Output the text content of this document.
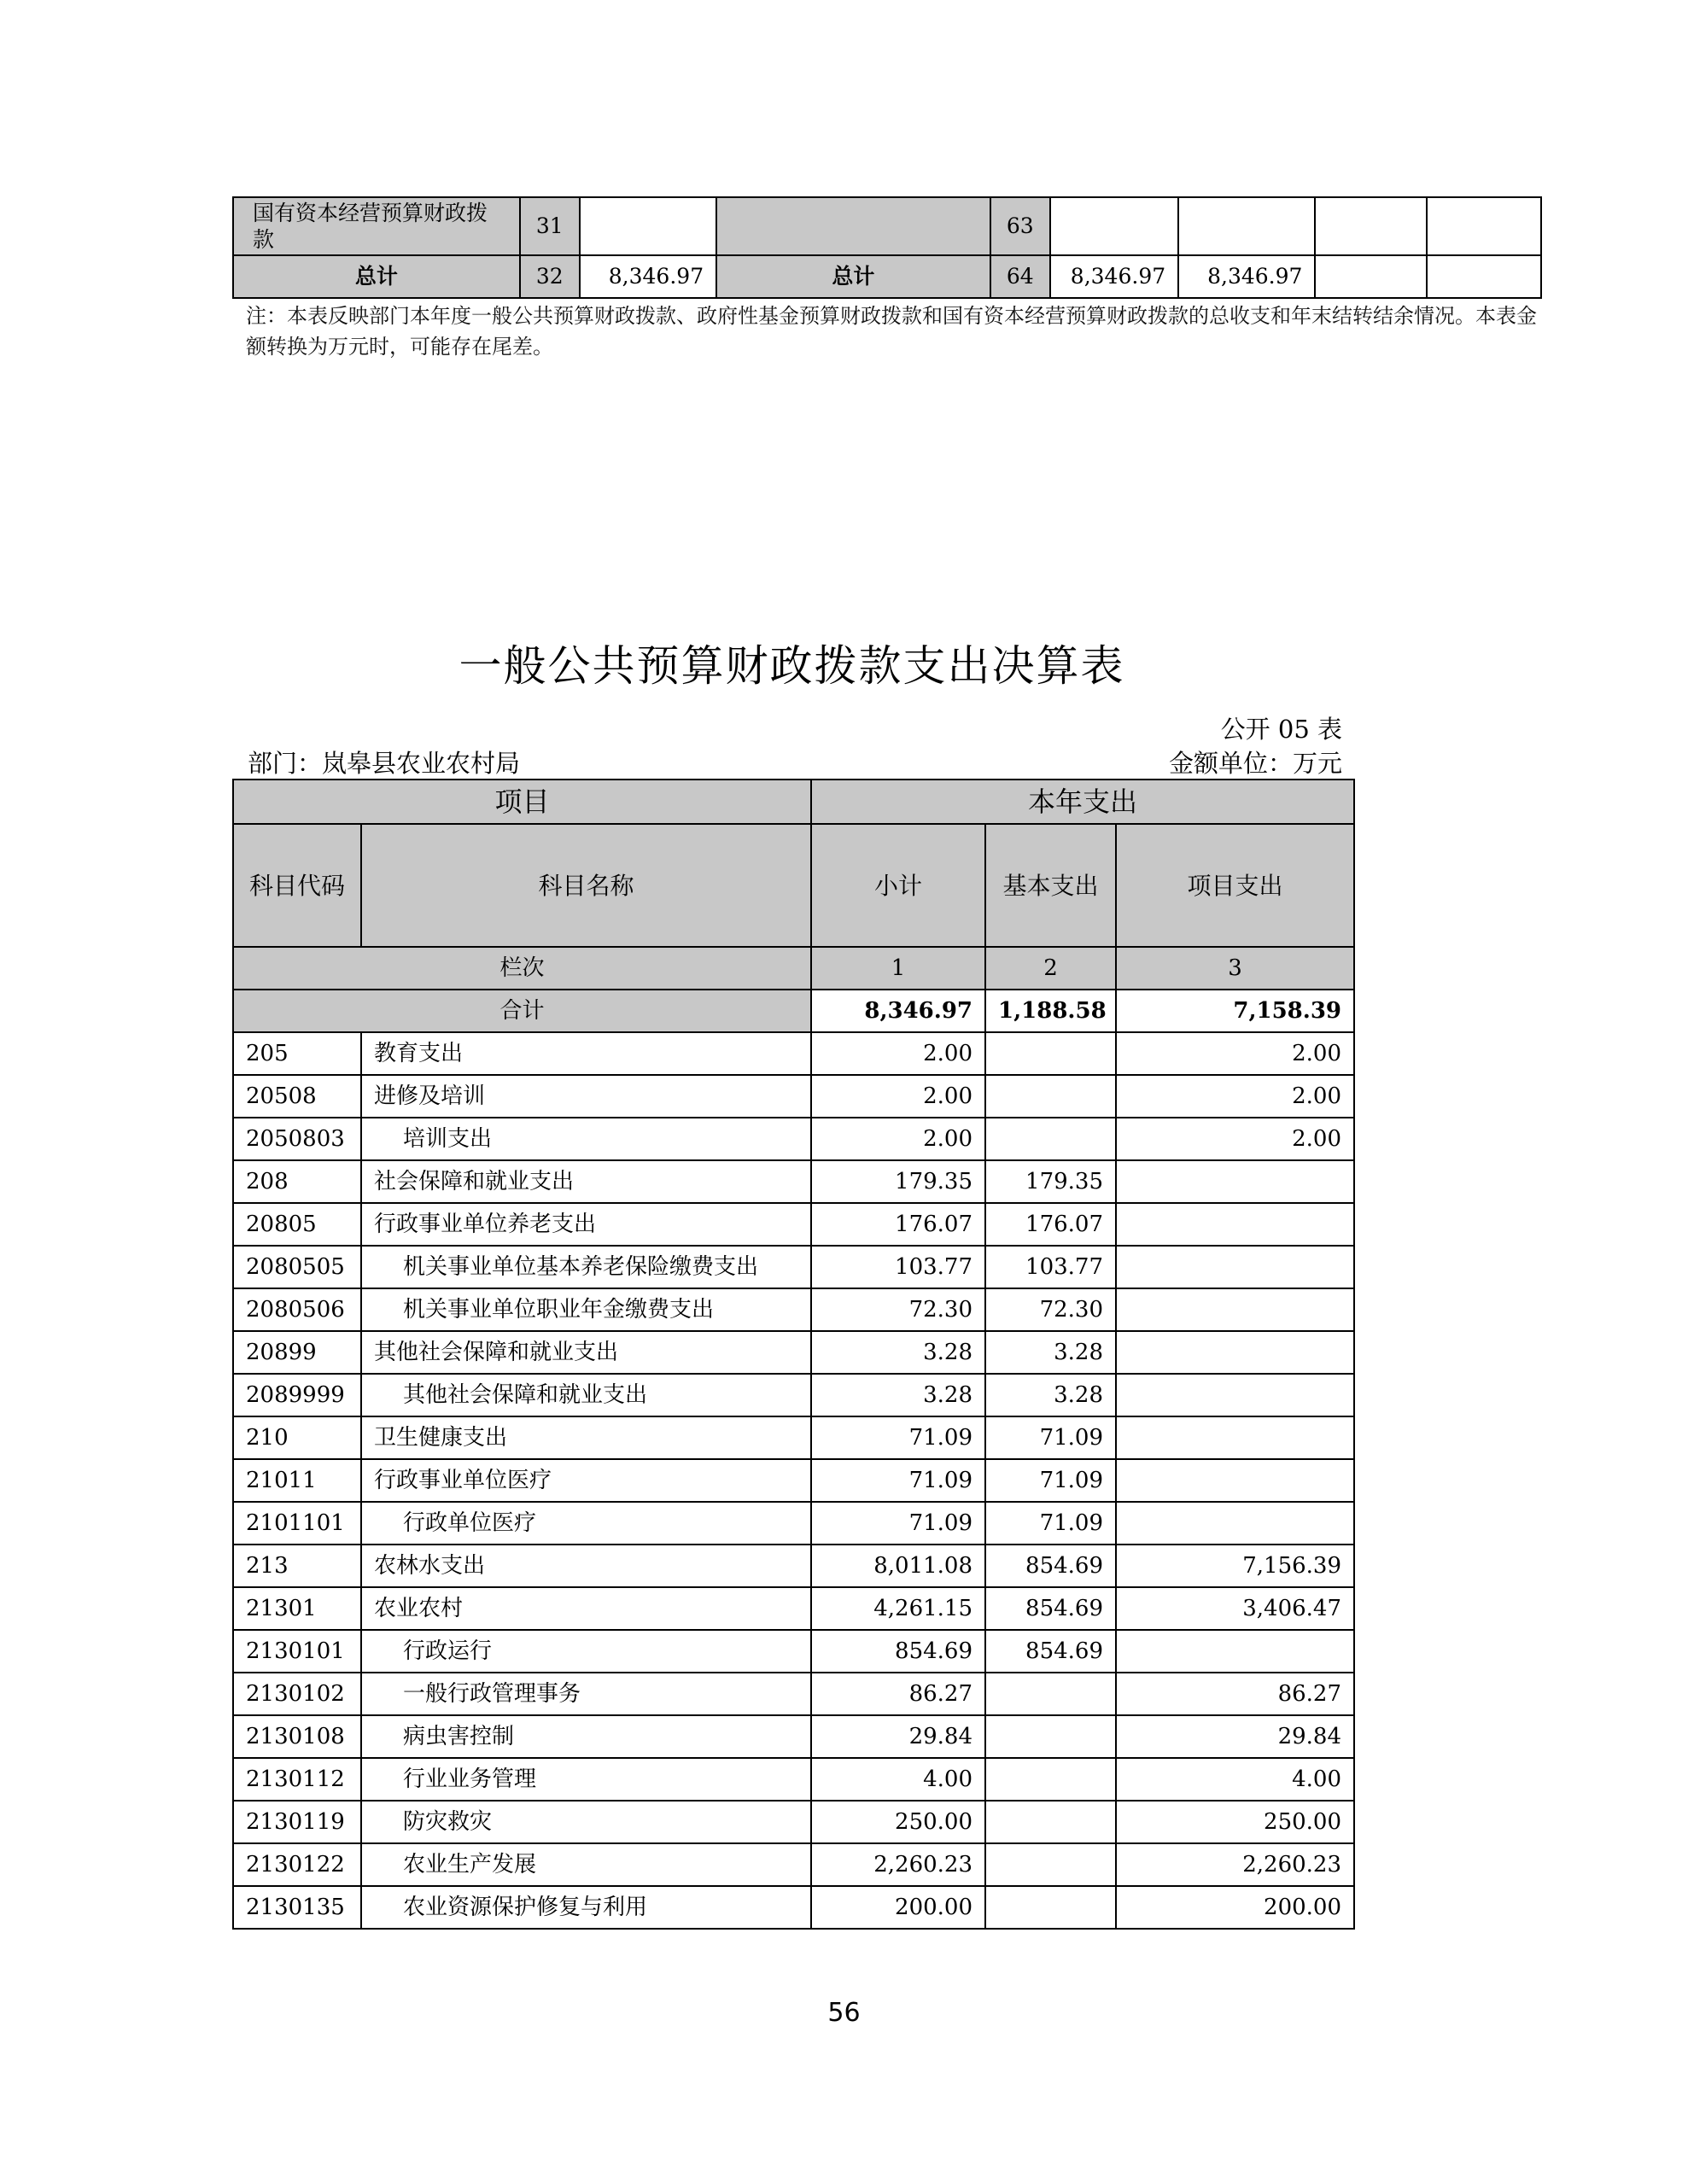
国有资本经营预算财政拨款	31			63				
总计	32	8,346.97	总计	64	8,346.97	8,346.97		
注：本表反映部门本年度一般公共预算财政拨款、政府性基金预算财政拨款和国有资本经营预算财政拨款的总收支和年末结转结余情况。本表金额转换为万元时，可能存在尾差。
一般公共预算财政拨款支出决算表
公开 05 表
部门：岚皋县农业农村局	金额单位：万元
项目		本年支出		
科目代码	科目名称	小计	基本支出	项目支出
栏次		1	2	3
合计		8,346.97	1,188.58	7,158.39
205	教育支出	2.00		2.00
20508	进修及培训	2.00		2.00
2050803	培训支出	2.00		2.00
208	社会保障和就业支出	179.35	179.35	
20805	行政事业单位养老支出	176.07	176.07	
2080505	机关事业单位基本养老保险缴费支出	103.77	103.77	
2080506	机关事业单位职业年金缴费支出	72.30	72.30	
20899	其他社会保障和就业支出	3.28	3.28	
2089999	其他社会保障和就业支出	3.28	3.28	
210	卫生健康支出	71.09	71.09	
21011	行政事业单位医疗	71.09	71.09	
2101101	行政单位医疗	71.09	71.09	
213	农林水支出	8,011.08	854.69	7,156.39
21301	农业农村	4,261.15	854.69	3,406.47
2130101	行政运行	854.69	854.69	
2130102	一般行政管理事务	86.27		86.27
2130108	病虫害控制	29.84		29.84
2130112	行业业务管理	4.00		4.00
2130119	防灾救灾	250.00		250.00
2130122	农业生产发展	2,260.23		2,260.23
2130135	农业资源保护修复与利用	200.00		200.00
56
